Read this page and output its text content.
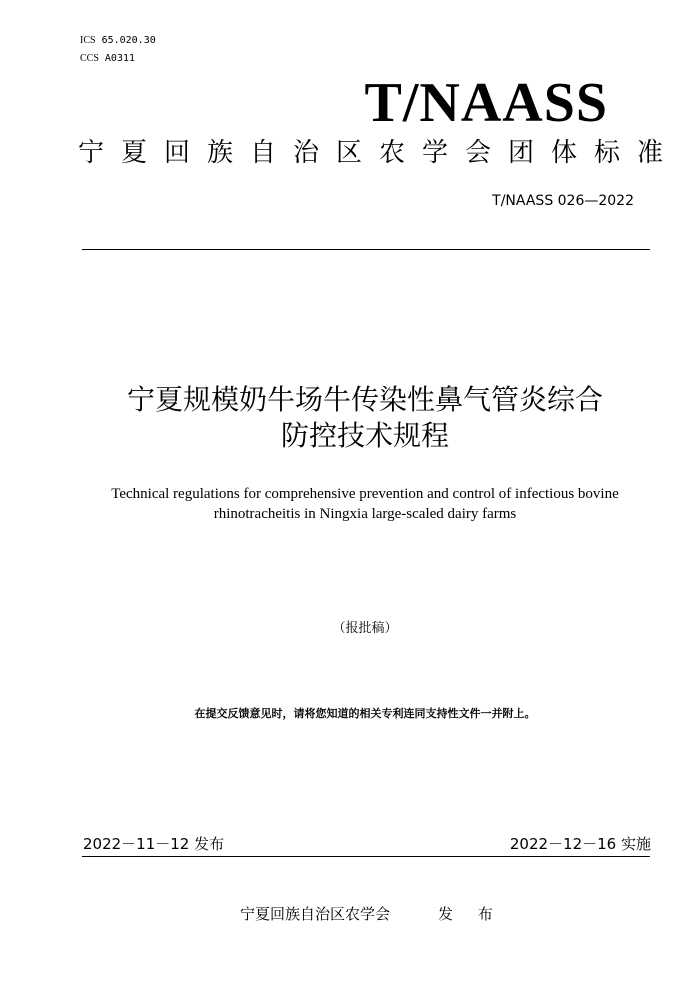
ICS 65.020.30
CCS A0311
T/NAASS
宁夏回族自治区农学会团体标准
T/NAASS 026—2022
宁夏规模奶牛场牛传染性鼻气管炎综合
防控技术规程
Technical regulations for comprehensive prevention and control of infectious bovine
rhinotracheitis in Ningxia large-scaled dairy farms
（报批稿）
在提交反馈意见时，请将您知道的相关专利连同支持性文件一并附上。
2022－11－12 发布	2022－12－16 实施
宁夏回族自治区农学会	发 布
